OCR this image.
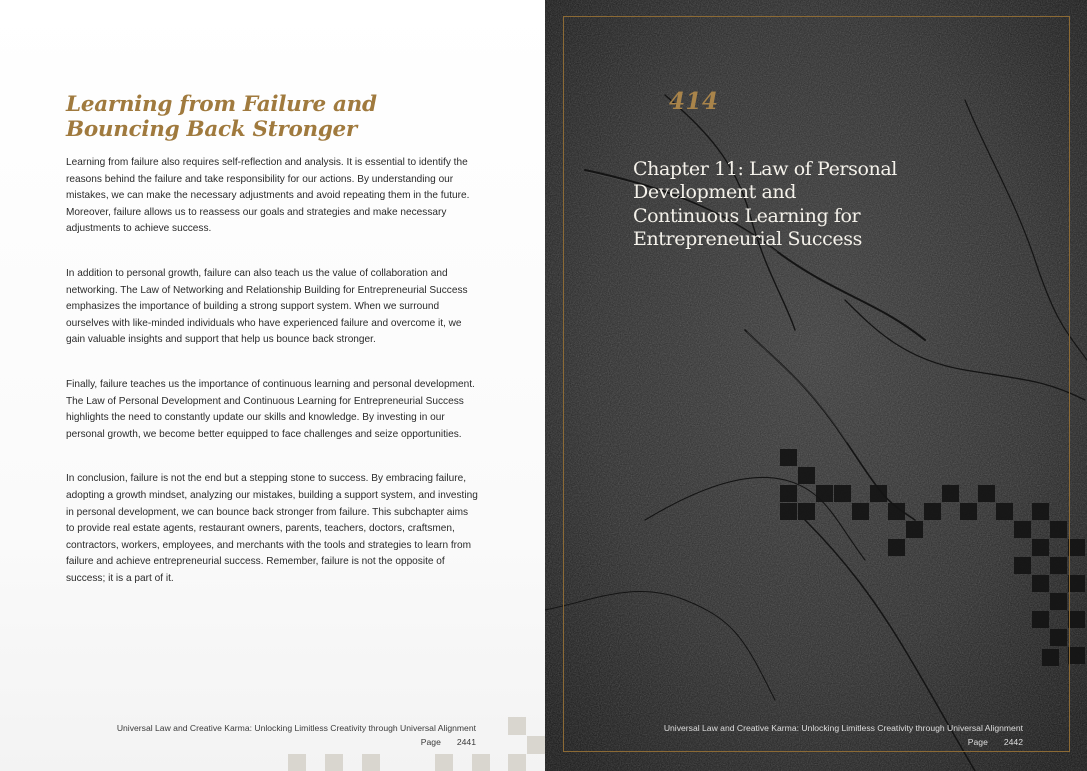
Learning from Failure and
Bouncing Back Stronger

Learning from failure also requires self-reflection and analysis. It is essential to identify the reasons behind the failure and take responsibility for our actions. By understanding our mistakes, we can make the necessary adjustments and avoid repeating them in the future. Moreover, failure allows us to reassess our goals and strategies and make necessary adjustments to achieve success.

In addition to personal growth, failure can also teach us the value of collaboration and networking. The Law of Networking and Relationship Building for Entrepreneurial Success emphasizes the importance of building a strong support system. When we surround ourselves with like-minded individuals who have experienced failure and overcome it, we gain valuable insights and support that help us bounce back stronger.

Finally, failure teaches us the importance of continuous learning and personal development. The Law of Personal Development and Continuous Learning for Entrepreneurial Success highlights the need to constantly update our skills and knowledge. By investing in our personal growth, we become better equipped to face challenges and seize opportunities.

In conclusion, failure is not the end but a stepping stone to success. By embracing failure, adopting a growth mindset, analyzing our mistakes, building a support system, and investing in personal development, we can bounce back stronger from failure. This subchapter aims to provide real estate agents, restaurant owners, parents, teachers, doctors, craftsmen, contractors, workers, employees, and merchants with the tools and strategies to learn from failure and achieve entrepreneurial success. Remember, failure is not the opposite of success; it is a part of it.

Universal Law and Creative Karma: Unlocking Limitless Creativity through Universal Alignment
Page 2441
414
Chapter 11: Law of Personal
Development and
Continuous Learning for
Entrepreneurial Success
Universal Law and Creative Karma: Unlocking Limitless Creativity through Universal Alignment
Page 2442
